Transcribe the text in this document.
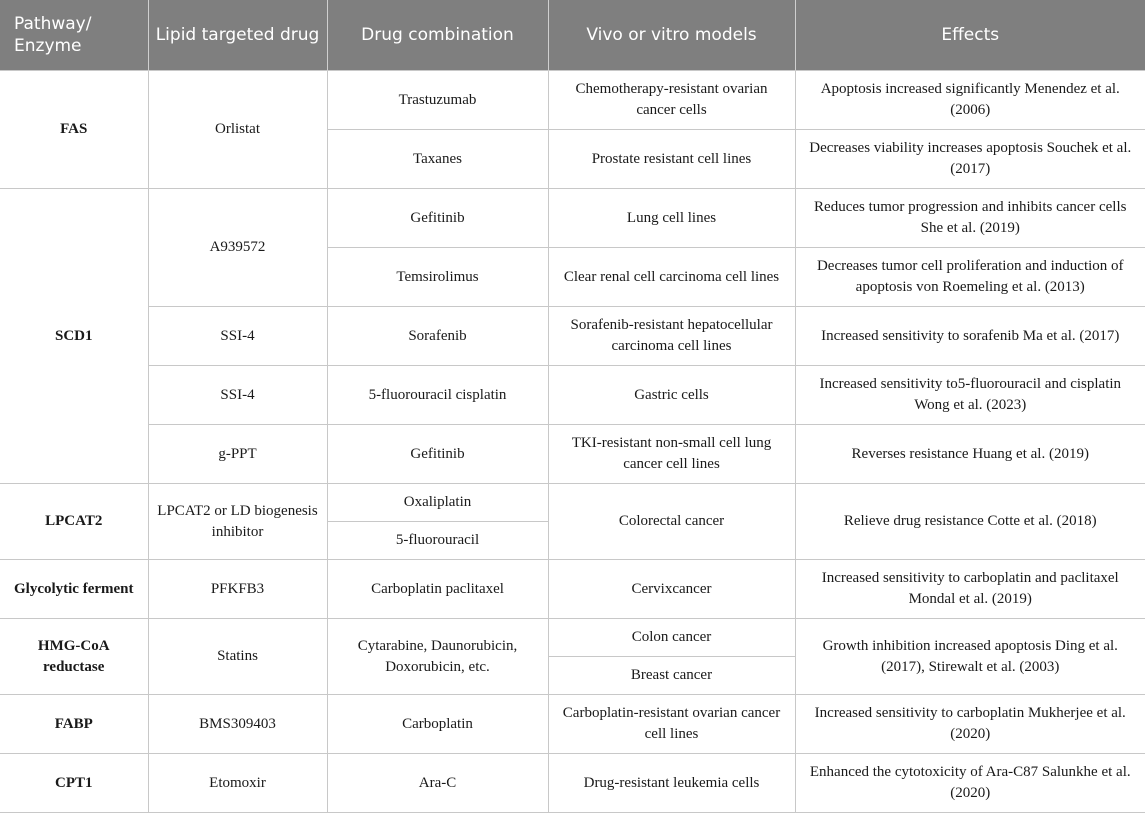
Pathway/ Enzyme	Lipid targeted drug	Drug combination	Vivo or vitro models	Effects
FAS	Orlistat	Trastuzumab	Chemotherapy-resistant ovarian cancer cells	Apoptosis increased significantly Menendez et al. (2006)
		Taxanes	Prostate resistant cell lines	Decreases viability increases apoptosis Souchek et al. (2017)
SCD1	A939572	Gefitinib	Lung cell lines	Reduces tumor progression and inhibits cancer cells She et al. (2019)
		Temsirolimus	Clear renal cell carcinoma cell lines	Decreases tumor cell proliferation and induction of apoptosis von Roemeling et al. (2013)
	SSI-4	Sorafenib	Sorafenib-resistant hepatocellular carcinoma cell lines	Increased sensitivity to sorafenib Ma et al. (2017)
	SSI-4	5-fluorouracil cisplatin	Gastric cells	Increased sensitivity to5-fluorouracil and cisplatin Wong et al. (2023)
	g-PPT	Gefitinib	TKI-resistant non-small cell lung cancer cell lines	Reverses resistance Huang et al. (2019)
LPCAT2	LPCAT2 or LD biogenesis inhibitor	Oxaliplatin	Colorectal cancer	Relieve drug resistance Cotte et al. (2018)
		5-fluorouracil		
Glycolytic ferment	PFKFB3	Carboplatin paclitaxel	Cervixcancer	Increased sensitivity to carboplatin and paclitaxel Mondal et al. (2019)
HMG-CoA reductase	Statins	Cytarabine, Daunorubicin, Doxorubicin, etc.	Colon cancer	Growth inhibition increased apoptosis Ding et al. (2017), Stirewalt et al. (2003)
			Breast cancer	
FABP	BMS309403	Carboplatin	Carboplatin-resistant ovarian cancer cell lines	Increased sensitivity to carboplatin Mukherjee et al. (2020)
CPT1	Etomoxir	Ara-C	Drug-resistant leukemia cells	Enhanced the cytotoxicity of Ara-C87 Salunkhe et al. (2020)
